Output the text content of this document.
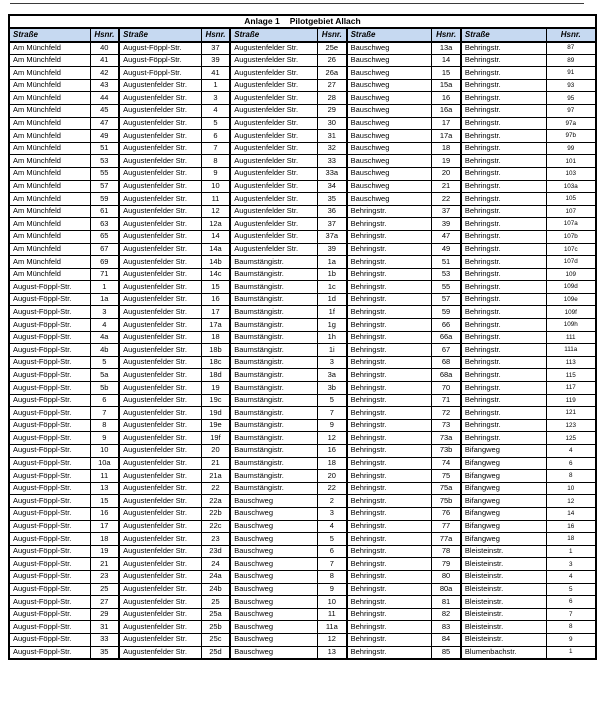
Anlage 1 Pilotgebiet Allach									
Straße	Hsnr.	Straße	Hsnr.	Straße	Hsnr.	Straße	Hsnr.	Straße	Hsnr.
Am Münchfeld	40	August-Föppl-Str.	37	Augustenfelder Str.	25e	Bauschweg	13a	Behringstr.	87
Am Münchfeld	41	August-Föppl-Str.	39	Augustenfelder Str.	26	Bauschweg	14	Behringstr.	89
Am Münchfeld	42	August-Föppl-Str.	41	Augustenfelder Str.	26a	Bauschweg	15	Behringstr.	91
Am Münchfeld	43	Augustenfelder Str.	1	Augustenfelder Str.	27	Bauschweg	15a	Behringstr.	93
Am Münchfeld	44	Augustenfelder Str.	3	Augustenfelder Str.	28	Bauschweg	16	Behringstr.	95
Am Münchfeld	45	Augustenfelder Str.	4	Augustenfelder Str.	29	Bauschweg	16a	Behringstr.	97
Am Münchfeld	47	Augustenfelder Str.	5	Augustenfelder Str.	30	Bauschweg	17	Behringstr.	97a
Am Münchfeld	49	Augustenfelder Str.	6	Augustenfelder Str.	31	Bauschweg	17a	Behringstr.	97b
Am Münchfeld	51	Augustenfelder Str.	7	Augustenfelder Str.	32	Bauschweg	18	Behringstr.	99
Am Münchfeld	53	Augustenfelder Str.	8	Augustenfelder Str.	33	Bauschweg	19	Behringstr.	101
Am Münchfeld	55	Augustenfelder Str.	9	Augustenfelder Str.	33a	Bauschweg	20	Behringstr.	103
Am Münchfeld	57	Augustenfelder Str.	10	Augustenfelder Str.	34	Bauschweg	21	Behringstr.	103a
Am Münchfeld	59	Augustenfelder Str.	11	Augustenfelder Str.	35	Bauschweg	22	Behringstr.	105
Am Münchfeld	61	Augustenfelder Str.	12	Augustenfelder Str.	36	Behringstr.	37	Behringstr.	107
Am Münchfeld	63	Augustenfelder Str.	12a	Augustenfelder Str.	37	Behringstr.	39	Behringstr.	107a
Am Münchfeld	65	Augustenfelder Str.	14	Augustenfelder Str.	37a	Behringstr.	47	Behringstr.	107b
Am Münchfeld	67	Augustenfelder Str.	14a	Augustenfelder Str.	39	Behringstr.	49	Behringstr.	107c
Am Münchfeld	69	Augustenfelder Str.	14b	Baumstängistr.	1a	Behringstr.	51	Behringstr.	107d
Am Münchfeld	71	Augustenfelder Str.	14c	Baumstängistr.	1b	Behringstr.	53	Behringstr.	109
August-Föppl-Str.	1	Augustenfelder Str.	15	Baumstängistr.	1c	Behringstr.	55	Behringstr.	109d
August-Föppl-Str.	1a	Augustenfelder Str.	16	Baumstängistr.	1d	Behringstr.	57	Behringstr.	109e
August-Föppl-Str.	3	Augustenfelder Str.	17	Baumstängistr.	1f	Behringstr.	59	Behringstr.	109f
August-Föppl-Str.	4	Augustenfelder Str.	17a	Baumstängistr.	1g	Behringstr.	66	Behringstr.	109h
August-Föppl-Str.	4a	Augustenfelder Str.	18	Baumstängistr.	1h	Behringstr.	66a	Behringstr.	111
August-Föppl-Str.	4b	Augustenfelder Str.	18b	Baumstängistr.	1i	Behringstr.	67	Behringstr.	111a
August-Föppl-Str.	5	Augustenfelder Str.	18c	Baumstängistr.	3	Behringstr.	68	Behringstr.	113
August-Föppl-Str.	5a	Augustenfelder Str.	18d	Baumstängistr.	3a	Behringstr.	68a	Behringstr.	115
August-Föppl-Str.	5b	Augustenfelder Str.	19	Baumstängistr.	3b	Behringstr.	70	Behringstr.	117
August-Föppl-Str.	6	Augustenfelder Str.	19c	Baumstängistr.	5	Behringstr.	71	Behringstr.	119
August-Föppl-Str.	7	Augustenfelder Str.	19d	Baumstängistr.	7	Behringstr.	72	Behringstr.	121
August-Föppl-Str.	8	Augustenfelder Str.	19e	Baumstängistr.	9	Behringstr.	73	Behringstr.	123
August-Föppl-Str.	9	Augustenfelder Str.	19f	Baumstängistr.	12	Behringstr.	73a	Behringstr.	125
August-Föppl-Str.	10	Augustenfelder Str.	20	Baumstängistr.	16	Behringstr.	73b	Bifangweg	4
August-Föppl-Str.	10a	Augustenfelder Str.	21	Baumstängistr.	18	Behringstr.	74	Bifangweg	6
August-Föppl-Str.	11	Augustenfelder Str.	21a	Baumstängistr.	20	Behringstr.	75	Bifangweg	8
August-Föppl-Str.	13	Augustenfelder Str.	22	Baumstängistr.	22	Behringstr.	75a	Bifangweg	10
August-Föppl-Str.	15	Augustenfelder Str.	22a	Bauschweg	2	Behringstr.	75b	Bifangweg	12
August-Föppl-Str.	16	Augustenfelder Str.	22b	Bauschweg	3	Behringstr.	76	Bifangweg	14
August-Föppl-Str.	17	Augustenfelder Str.	22c	Bauschweg	4	Behringstr.	77	Bifangweg	16
August-Föppl-Str.	18	Augustenfelder Str.	23	Bauschweg	5	Behringstr.	77a	Bifangweg	18
August-Föppl-Str.	19	Augustenfelder Str.	23d	Bauschweg	6	Behringstr.	78	Bleisteinstr.	1
August-Föppl-Str.	21	Augustenfelder Str.	24	Bauschweg	7	Behringstr.	79	Bleisteinstr.	3
August-Föppl-Str.	23	Augustenfelder Str.	24a	Bauschweg	8	Behringstr.	80	Bleisteinstr.	4
August-Föppl-Str.	25	Augustenfelder Str.	24b	Bauschweg	9	Behringstr.	80a	Bleisteinstr.	5
August-Föppl-Str.	27	Augustenfelder Str.	25	Bauschweg	10	Behringstr.	81	Bleisteinstr.	6
August-Föppl-Str.	29	Augustenfelder Str.	25a	Bauschweg	11	Behringstr.	82	Bleisteinstr.	7
August-Föppl-Str.	31	Augustenfelder Str.	25b	Bauschweg	11a	Behringstr.	83	Bleisteinstr.	8
August-Föppl-Str.	33	Augustenfelder Str.	25c	Bauschweg	12	Behringstr.	84	Bleisteinstr.	9
August-Föppl-Str.	35	Augustenfelder Str.	25d	Bauschweg	13	Behringstr.	85	Blumenbachstr.	1
